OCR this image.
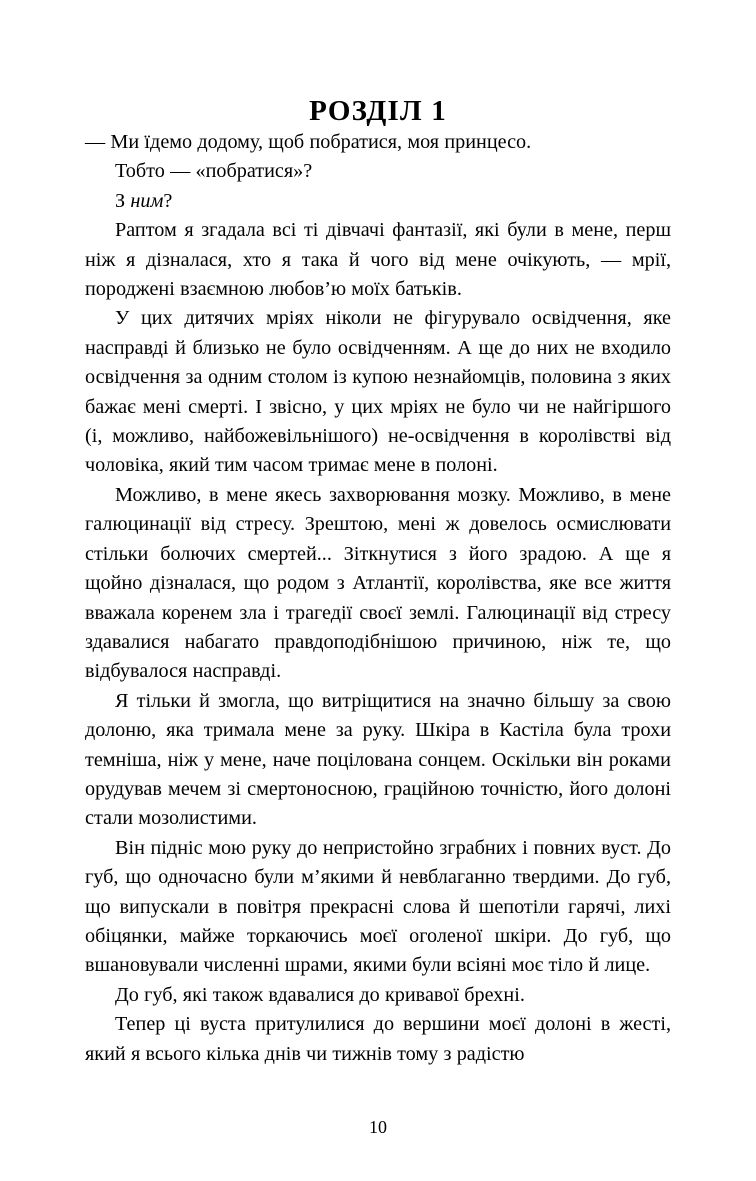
РОЗДІЛ 1

— Ми їдемо додому, щоб побратися, моя принцесо.

Тобто — «побратися»?

З ним?

Раптом я згадала всі ті дівчачі фантазії, які були в мене, перш ніж я дізналася, хто я така й чого від мене очікують, — мрії, породжені взаємною любов’ю моїх батьків.

У цих дитячих мріях ніколи не фігурувало освідчення, яке насправді й близько не було освідченням. А ще до них не входило освідчення за одним столом із купою незнайомців, половина з яких бажає мені смерті. І звісно, у цих мріях не було чи не найгіршого (і, можливо, найбожевільнішого) не-освідчення в королівстві від чоловіка, який тим часом тримає мене в полоні.

Можливо, в мене якесь захворювання мозку. Можливо, в мене галюцинації від стресу. Зрештою, мені ж довелось осмислювати стільки болючих смертей... Зіткнутися з його зрадою. А ще я щойно дізналася, що родом з Атлантії, королівства, яке все життя вважала коренем зла і трагедії своєї землі. Галюцинації від стресу здавалися набагато правдоподібнішою причиною, ніж те, що відбувалося насправді.

Я тільки й змогла, що витріщитися на значно більшу за свою долоню, яка тримала мене за руку. Шкіра в Кастіла була трохи темніша, ніж у мене, наче поцілована сонцем. Оскільки він роками орудував мечем зі смертоносною, граційною точністю, його долоні стали мозолистими.

Він підніс мою руку до непристойно зграбних і повних вуст. До губ, що одночасно були м’якими й невблаганно твердими. До губ, що випускали в повітря прекрасні слова й шепотіли гарячі, лихі обіцянки, майже торкаючись моєї оголеної шкіри. До губ, що вшановували численні шрами, якими були всіяні моє тіло й лице.

До губ, які також вдавалися до кривавої брехні.

Тепер ці вуста притулилися до вершини моєї долоні в жесті, який я всього кілька днів чи тижнів тому з радістю

10
